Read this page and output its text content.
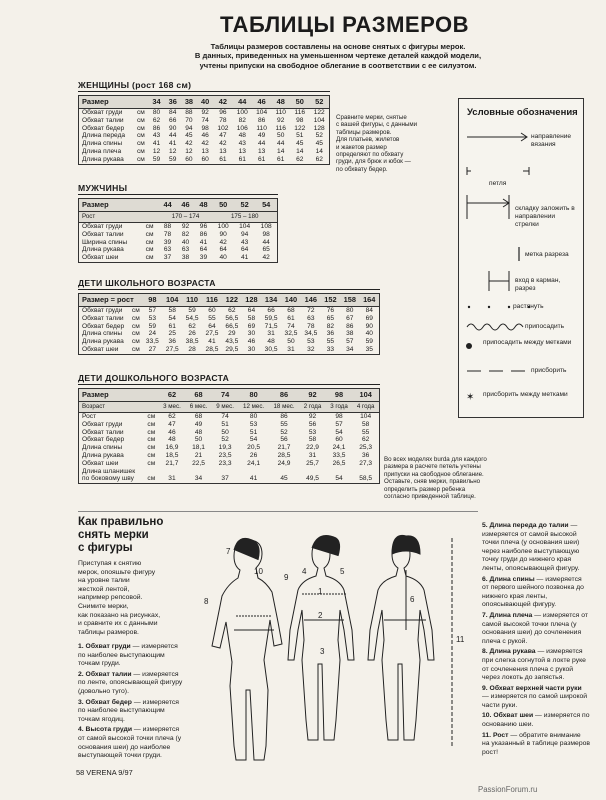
ТАБЛИЦЫ РАЗМЕРОВ
Таблицы размеров составлены на основе снятых с фигуры мерок.
В данных, приведенных на уменьшенном чертеже деталей каждой модели,
учтены припуски на свободное облегание в соответствии с ее силуэтом.
ЖЕНЩИНЫ (рост 168 см)
Размер		34	36	38	40	42	44	46	48	50	52

Обхват груди	см	80	84	88	92	96	100	104	110	116	122
Обхват талии	см	62	66	70	74	78	82	86	92	98	104
Обхват бедер	см	86	90	94	98	102	106	110	116	122	128
Длина переда	см	43	44	45	46	47	48	49	50	51	52
Длина спины	см	41	41	42	42	42	43	44	44	45	45
Длина плеча	см	12	12	12	13	13	13	13	14	14	14
Длина рукава	см	59	59	60	60	61	61	61	61	62	62
Сравните мерки, снятые
с вашей фигуры, с данными
таблицы размеров.
Для платьев, жилетов
и жакетов размер
определяют по обхвату
груди, для брюк и юбок —
по обхвату бедер.
МУЖЧИНЫ
Размер		44	46	48	50	52	54
Рост		170 – 174			175 – 180		

Обхват груди	см	88	92	96	100	104	108
Обхват талии	см	78	82	86	90	94	98
Ширина спины	см	39	40	41	42	43	44
Длина рукава	см	63	63	64	64	64	65
Обхват шеи	см	37	38	39	40	41	42
ДЕТИ ШКОЛЬНОГО ВОЗРАСТА
Размер = рост		98	104	110	116	122	128	134	140	146	152	158	164

Обхват груди	см	57	58	59	60	62	64	66	68	72	76	80	84
Обхват талии	см	53	54	54,5	55	56,5	58	59,5	61	63	65	67	69
Обхват бедер	см	59	61	62	64	66,5	69	71,5	74	78	82	86	90
Длина спины	см	24	25	26	27,5	29	30	31	32,5	34,5	36	38	40
Длина рукава	см	33,5	36	38,5	41	43,5	46	48	50	53	55	57	59
Обхват шеи	см	27	27,5	28	28,5	29,5	30	30,5	31	32	33	34	35
ДЕТИ ДОШКОЛЬНОГО ВОЗРАСТА
Размер		62	68	74	80	86	92	98	104
Возраст		3 мес.	6 мес.	9 мес.	12 мес.	18 мес.	2 года	3 года	4 года

Рост	см	62	68	74	80	86	92	98	104
Обхват груди	см	47	49	51	53	55	56	57	58
Обхват талии	см	46	48	50	51	52	53	54	55
Обхват бедер	см	48	50	52	54	56	58	60	62
Длина спины	см	16,9	18,1	19,3	20,5	21,7	22,9	24,1	25,3
Длина рукава	см	18,5	21	23,5	26	28,5	31	33,5	36
Обхват шеи	см	21,7	22,5	23,3	24,1	24,9	25,7	26,5	27,3
Длина шланишек									
по боковому шву	см	31	34	37	41	45	49,5	54	58,5
Во всех моделях burda для каждого
размера в расчете петель учтены
припуски на свободное облегание.
Оставьте, сняв мерки, правильно
определить размер ребенка
согласно приведенной таблице.
Условные обозначения
✶
направление вязания
петля
складку заложить в направлении стрелки
метка разреза
вход в карман, разрез
растянуть
припосадить
припосадить между метками
присборить
присборить между метками
Как правильно
снять мерки
с фигуры
Приступая к снятию
мерок, опояшьте фигуру
на уровне талии
жесткой лентой,
например репсовой.
Снимите мерки,
как показано на рисунках,
и сравните их с данными
таблицы размеров.
1. Обхват груди — измеряется по наиболее выступающим точкам груди.
2. Обхват талии — измеряется по ленте, опоясывающей фигуру (довольно туго).
3. Обхват бедер — измеряется по наиболее выступающим точкам ягодиц.
4. Высота груди — измеряется от самой высокой точки плеча (у основания шеи) до наиболее выступающей точки груди.
5. Длина переда до талии — измеряется от самой высокой точки плеча (у основания шеи) через наиболее выступающую точку груди до нижнего края ленты, опоясывающей фигуру.
6. Длина спины — измеряется от первого шейного позвонка до нижнего края ленты, опоясывающей фигуру.
7. Длина плеча — измеряется от самой высокой точки плеча (у основания шеи) до сочленения плеча с рукой.
8. Длина рукава — измеряется при слегка согнутой в локте руке от сочленения плеча с рукой через локоть до запястья.
9. Обхват верхней части руки — измеряется по самой широкой части руки.
10. Обхват шеи — измеряется по основанию шеи.
11. Рост — обратите внимание на указанный в таблице размеров рост!
7
8
9
10
1
2
3
4	5
6
11
58 VERENA 9/97
PassionForum.ru
